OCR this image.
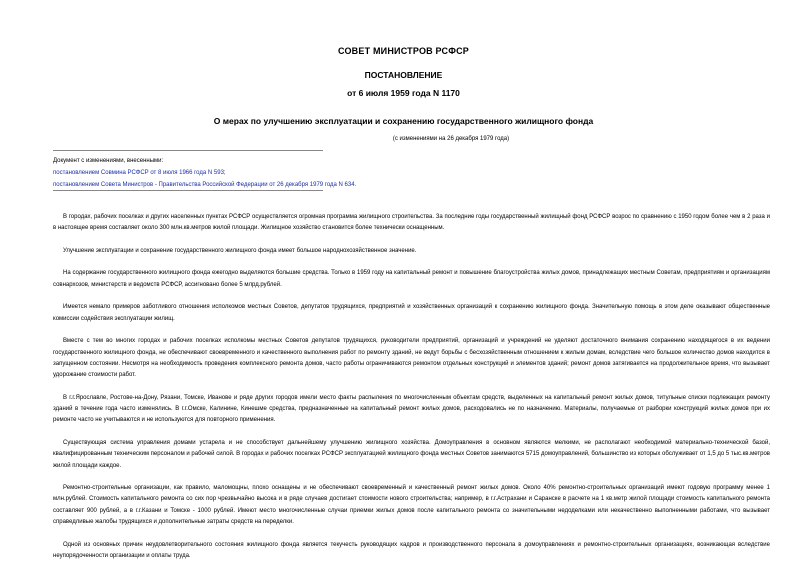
СОВЕТ МИНИСТРОВ РСФСР
ПОСТАНОВЛЕНИЕ
от 6 июля 1959 года N 1170
О мерах по улучшению эксплуатации и сохранению государственного жилищного фонда
(с изменениями на 26 декабря 1979 года)
Документ с изменениями, внесенными:
постановлением Совмина РСФСР от 8 июля 1966 года N 593;
постановлением Совета Министров - Правительства Российской Федерации от 26 декабря 1979 года N 634.

В городах, рабочих поселках и других населенных пунктах РСФСР осуществляется огромная программа жилищного строительства. За последние годы государственный жилищный фонд РСФСР возрос по сравнению с 1950 годом более чем в 2 раза и в настоящее время составляет около 300 млн.кв.метров жилой площади. Жилищное хозяйство становится более технически оснащенным.

Улучшение эксплуатации и сохранение государственного жилищного фонда имеет большое народнохозяйственное значение.

На содержание государственного жилищного фонда ежегодно выделяются большие средства. Только в 1959 году на капитальный ремонт и повышение благоустройства жилых домов, принадлежащих местным Советам, предприятиям и организациям совнархозов, министерств и ведомств РСФСР, ассигновано более 5 млрд.рублей.

Имеется немало примеров заботливого отношения исполкомов местных Советов, депутатов трудящихся, предприятий и хозяйственных организаций к сохранению жилищного фонда. Значительную помощь в этом деле оказывают общественные комиссии содействия эксплуатации жилищ.

Вместе с тем во многих городах и рабочих поселках исполкомы местных Советов депутатов трудящихся, руководители предприятий, организаций и учреждений не уделяют достаточного внимания сохранению находящегося в их ведении государственного жилищного фонда, не обеспечивают своевременного и качественного выполнения работ по ремонту зданий, не ведут борьбы с бесхозяйственным отношением к жилым домам, вследствие чего большое количество домов находится в запущенном состоянии. Несмотря на необходимость проведения комплексного ремонта домов, часто работы ограничиваются ремонтом отдельных конструкций и элементов зданий; ремонт домов затягивается на продолжительное время, что вызывает удорожание стоимости работ.

В г.г.Ярославле, Ростове-на-Дону, Рязани, Томске, Иванове и ряде других городов имели место факты распыления по многочисленным объектам средств, выделенных на капитальный ремонт жилых домов, титульные списки подлежащих ремонту зданий в течение года часто изменялись. В г.г.Омске, Калинине, Кинешме средства, предназначенные на капитальный ремонт жилых домов, расходовались не по назначению. Материалы, получаемые от разборки конструкций жилых домов при их ремонте часто не учитываются и не используются для повторного применения.

Существующая система управления домами устарела и не способствует дальнейшему улучшению жилищного хозяйства. Домоуправления в основном являются мелкими, не располагают необходимой материально-технической базой, квалифицированным техническим персоналом и рабочей силой. В городах и рабочих поселках РСФСР эксплуатацией жилищного фонда местных Советов занимаются 5715 домоуправлений, большинство из которых обслуживает от 1,5 до 5 тыс.кв.метров жилой площади каждое.

Ремонтно-строительные организации, как правило, маломощны, плохо оснащены и не обеспечивают своевременный и качественный ремонт жилых домов. Около 40% ремонтно-строительных организаций имеют годовую программу менее 1 млн.рублей. Стоимость капитального ремонта со сих пор чрезвычайно высока и в ряде случаев достигает стоимости нового строительства; например, в г.г.Астрахани и Саранске в расчете на 1 кв.метр жилой площади стоимость капитального ремонта составляет 900 рублей, а в г.г.Казани и Томске - 1000 рублей. Имеют место многочисленные случаи приемки жилых домов после капитального ремонта со значительными недоделками или некачественно выполненными работами, что вызывает справедливые жалобы трудящихся и дополнительные затраты средств на переделки.

Одной из основных причин неудовлетворительного состояния жилищного фонда является текучесть руководящих кадров и производственного персонала в домоуправлениях и ремонтно-строительных организациях, возникающая вследствие неупорядоченности организации и оплаты труда.
